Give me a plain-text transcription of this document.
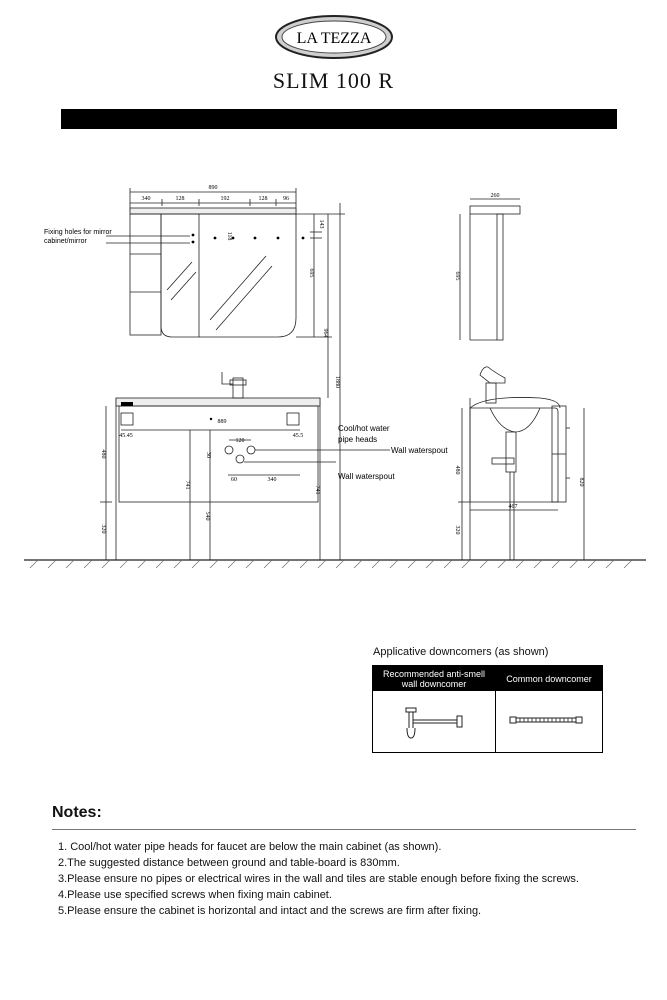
LA TEZZA
SLIM 100 R
890
340	128	192	128	96	260
889
45.45	45.5
120
60	340
467
118
143
695
964
1880
695
480
320
30
741
540
741
480
820
320
Fixing holes for mirror
cabinet/mirror
Cool/hot water
pipe heads
Wall waterspout
Wall waterspout
Applicative downcomers (as shown)
Recommended anti-smell
wall downcomer	Common downcomer
Notes:
1. Cool/hot water pipe heads for faucet are below the main cabinet (as shown).
2.The suggested distance between ground and table-board is 830mm.
3.Please ensure no pipes or electrical wires in the wall and tiles are stable enough before fixing the screws.
4.Please use specified screws when fixing main cabinet.
5.Please ensure the cabinet is horizontal and intact and the screws are firm after fixing.
